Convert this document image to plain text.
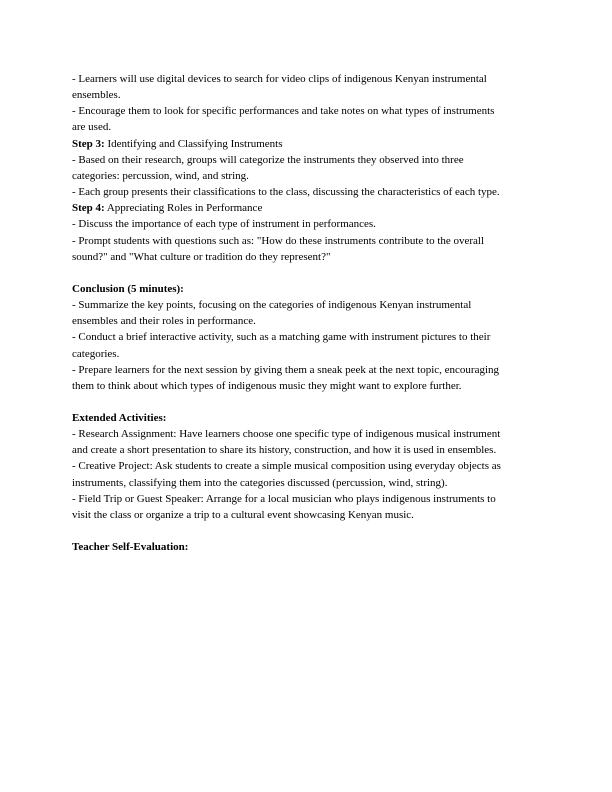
- Learners will use digital devices to search for video clips of indigenous Kenyan instrumental
ensembles.
- Encourage them to look for specific performances and take notes on what types of instruments
are used.
Step 3: Identifying and Classifying Instruments
- Based on their research, groups will categorize the instruments they observed into three
categories: percussion, wind, and string.
- Each group presents their classifications to the class, discussing the characteristics of each type.
Step 4: Appreciating Roles in Performance
- Discuss the importance of each type of instrument in performances.
- Prompt students with questions such as: "How do these instruments contribute to the overall
sound?" and "What culture or tradition do they represent?"
Conclusion (5 minutes):
- Summarize the key points, focusing on the categories of indigenous Kenyan instrumental
ensembles and their roles in performance.
- Conduct a brief interactive activity, such as a matching game with instrument pictures to their
categories.
- Prepare learners for the next session by giving them a sneak peek at the next topic, encouraging
them to think about which types of indigenous music they might want to explore further.
Extended Activities:
- Research Assignment: Have learners choose one specific type of indigenous musical instrument
and create a short presentation to share its history, construction, and how it is used in ensembles.
- Creative Project: Ask students to create a simple musical composition using everyday objects as
instruments, classifying them into the categories discussed (percussion, wind, string).
- Field Trip or Guest Speaker: Arrange for a local musician who plays indigenous instruments to
visit the class or organize a trip to a cultural event showcasing Kenyan music.
Teacher Self-Evaluation:
